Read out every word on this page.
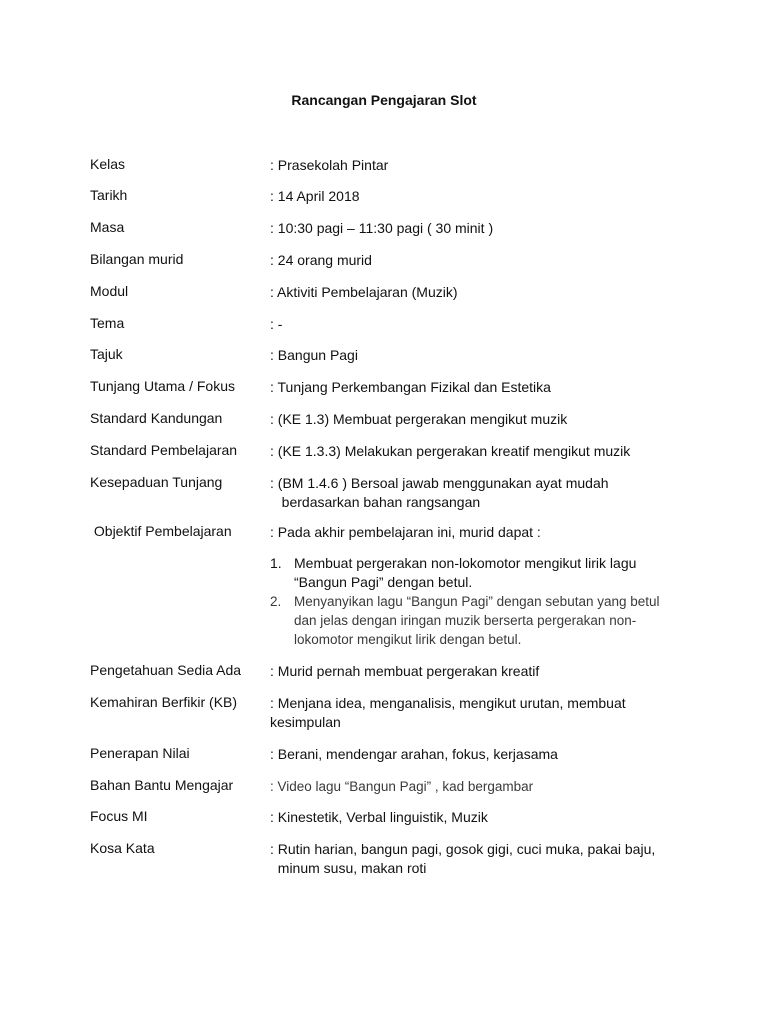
Rancangan Pengajaran Slot
Kelas	: Prasekolah Pintar
Tarikh	: 14 April 2018
Masa	: 10:30 pagi – 11:30 pagi ( 30 minit )
Bilangan murid	: 24 orang murid
Modul	: Aktiviti Pembelajaran (Muzik)
Tema	: -
Tajuk	: Bangun Pagi
Tunjang Utama / Fokus	: Tunjang Perkembangan Fizikal dan Estetika
Standard Kandungan	: (KE 1.3) Membuat pergerakan mengikut muzik
Standard Pembelajaran : (KE 1.3.3) Melakukan pergerakan kreatif mengikut muzik
Kesepaduan Tunjang	: (BM 1.4.6 ) Bersoal jawab menggunakan ayat mudah
berdasarkan bahan rangsangan
Objektif Pembelajaran	: Pada akhir pembelajaran ini, murid dapat :
1. Membuat pergerakan non-lokomotor mengikut lirik lagu
“Bangun Pagi” dengan betul.
2. Menyanyikan lagu “Bangun Pagi” dengan sebutan yang betul
dan jelas dengan iringan muzik berserta pergerakan non-
lokomotor mengikut lirik dengan betul.
Pengetahuan Sedia Ada : Murid pernah membuat pergerakan kreatif
Kemahiran Berfikir (KB) : Menjana idea, menganalisis, mengikut urutan, membuat
kesimpulan
Penerapan Nilai	: Berani, mendengar arahan, fokus, kerjasama
Bahan Bantu Mengajar	: Video lagu “Bangun Pagi” , kad bergambar
Focus MI	: Kinestetik, Verbal linguistik, Muzik
Kosa Kata	: Rutin harian, bangun pagi, gosok gigi, cuci muka, pakai baju,
minum susu, makan roti
